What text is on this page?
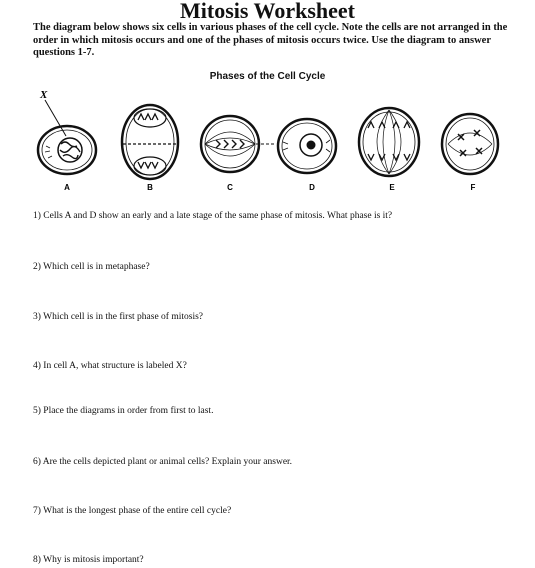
Mitosis Worksheet
The diagram below shows six cells in various phases of the cell cycle. Note the cells are not arranged in the order in which mitosis occurs and one of the phases of mitosis occurs twice. Use the diagram to answer questions 1-7.
Phases of the Cell Cycle
X
A	B	C	D	E	F
1) Cells A and D show an early and a late stage of the same phase of mitosis. What phase is it?
2) Which cell is in metaphase?
3) Which cell is in the first phase of mitosis?
4) In cell A, what structure is labeled X?
5) Place the diagrams in order from first to last.
6) Are the cells depicted plant or animal cells? Explain your answer.
7) What is the longest phase of the entire cell cycle?
8) Why is mitosis important?
